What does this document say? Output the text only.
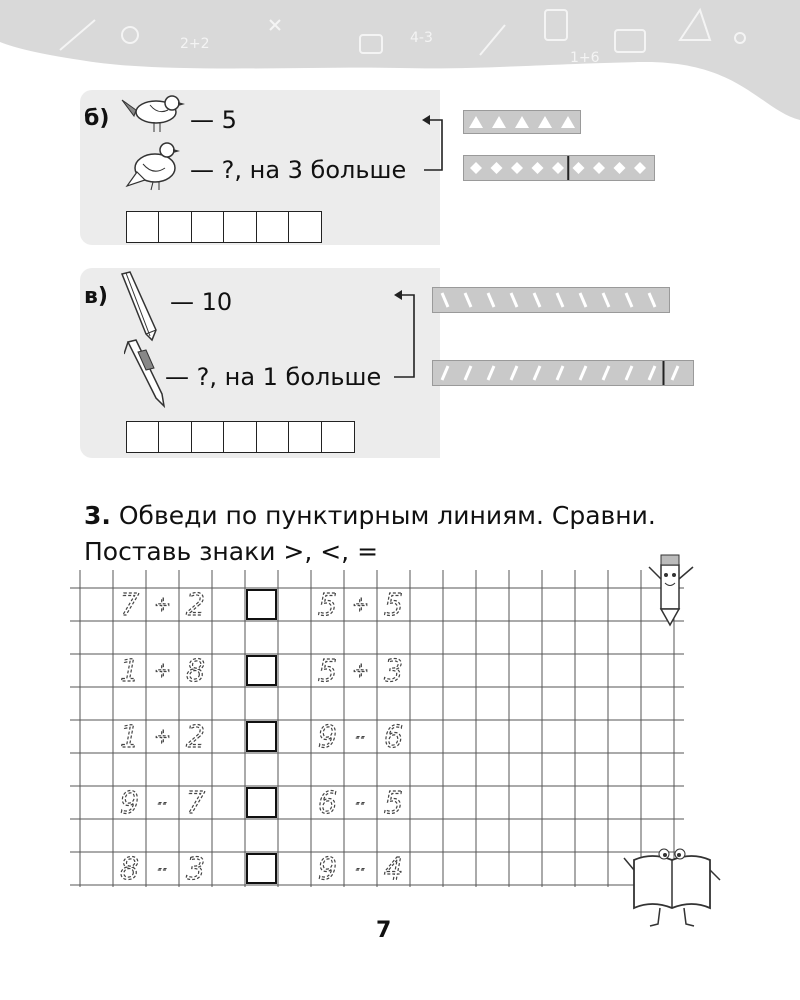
2+2	4-3
1+6
б)	— 5
— ?, на 3 больше
в)	— 10
— ?, на 1 больше
3. Обведи по пунктирным линиям. Сравни.
Поставь знаки >, <, =
7 + 2	5 + 5
1 + 8	5 + 3
1 + 2	9 – 6
9 – 7	6 – 5
8 – 3	9 – 4
7
